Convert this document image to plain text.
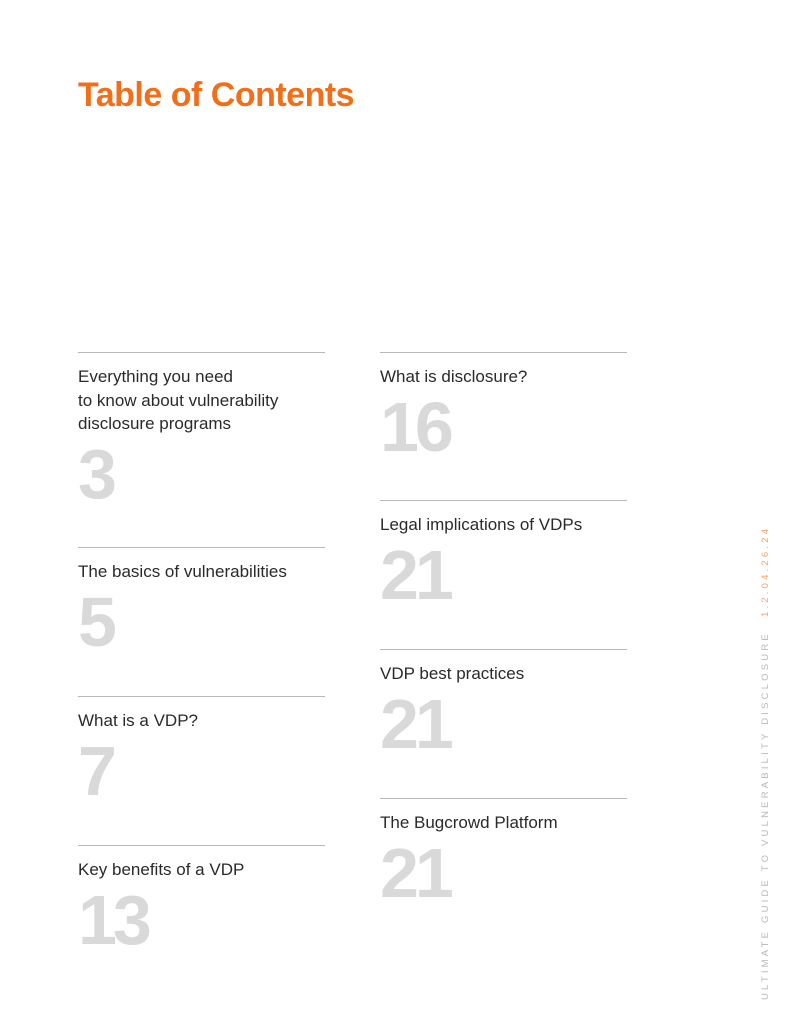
Table of Contents
Everything you need
to know about vulnerability
disclosure programs
3
The basics of vulnerabilities
5
What is a VDP?
7
Key benefits of a VDP
13
What is disclosure?
16
Legal implications of VDPs
21
VDP best practices
21
The Bugcrowd Platform
21	ULTIMATE GUIDE TO VULNERABILITY DISCLOSURE1.2.04.26.24
